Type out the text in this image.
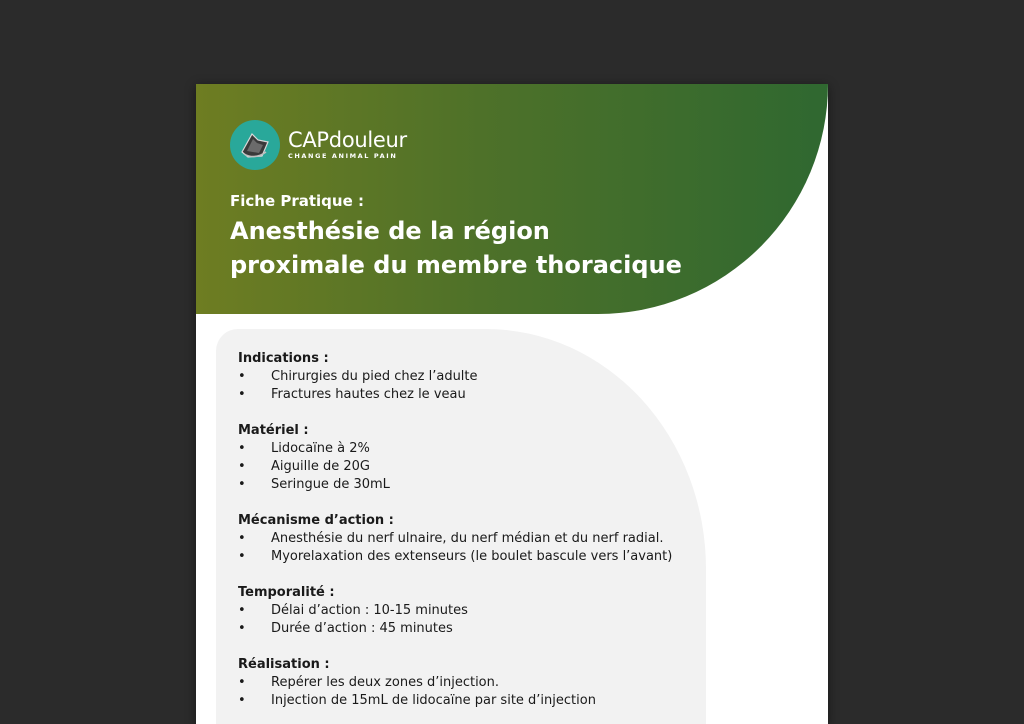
CAPdouleur
CHANGE ANIMAL PAIN
Fiche Pratique :
Anesthésie de la région
proximale du membre thoracique
Indications :
• Chirurgies du pied chez l’adulte
• Fractures hautes chez le veau
Matériel :
• Lidocaïne à 2%
• Aiguille de 20G
• Seringue de 30mL
Mécanisme d’action :
• Anesthésie du nerf ulnaire, du nerf médian et du nerf radial.
• Myorelaxation des extenseurs (le boulet bascule vers l’avant)
Temporalité :
• Délai d’action : 10-15 minutes
• Durée d’action : 45 minutes
Réalisation :
• Repérer les deux zones d’injection.
• Injection de 15mL de lidocaïne par site d’injection
